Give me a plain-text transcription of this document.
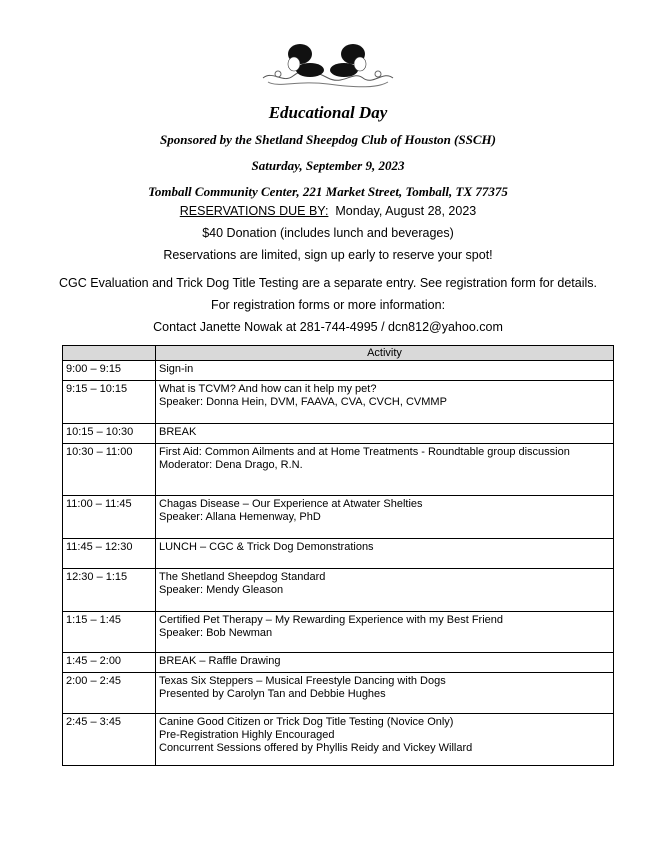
Educational Day
Sponsored by the Shetland Sheepdog Club of Houston (SSCH)
Saturday, September 9, 2023
Tomball Community Center, 221 Market Street, Tomball, TX 77375

RESERVATIONS DUE BY: Monday, August 28, 2023

$40 Donation (includes lunch and beverages)

Reservations are limited, sign up early to reserve your spot!

CGC Evaluation and Trick Dog Title Testing are a separate entry. See registration form for details.

For registration forms or more information:

Contact Janette Nowak at 281-744-4995 / dcn812@yahoo.com

	Activity
9:00 – 9:15	Sign-in

9:15 – 10:15	What is TCVM? And how can it help my pet?
Speaker: Donna Hein, DVM, FAAVA, CVA, CVCH, CVMMP

10:15 – 10:30	BREAK

10:30 – 11:00	First Aid: Common Ailments and at Home Treatments - Roundtable group discussion
Moderator: Dena Drago, R.N.

11:00 – 11:45	Chagas Disease – Our Experience at Atwater Shelties
Speaker: Allana Hemenway, PhD

11:45 – 12:30	LUNCH – CGC & Trick Dog Demonstrations

12:30 – 1:15	The Shetland Sheepdog Standard
Speaker: Mendy Gleason

1:15 – 1:45	Certified Pet Therapy – My Rewarding Experience with my Best Friend
Speaker: Bob Newman

1:45 – 2:00	BREAK – Raffle Drawing

2:00 – 2:45	Texas Six Steppers – Musical Freestyle Dancing with Dogs
Presented by Carolyn Tan and Debbie Hughes

2:45 – 3:45	Canine Good Citizen or Trick Dog Title Testing (Novice Only)
Pre-Registration Highly Encouraged
Concurrent Sessions offered by Phyllis Reidy and Vickey Willard
